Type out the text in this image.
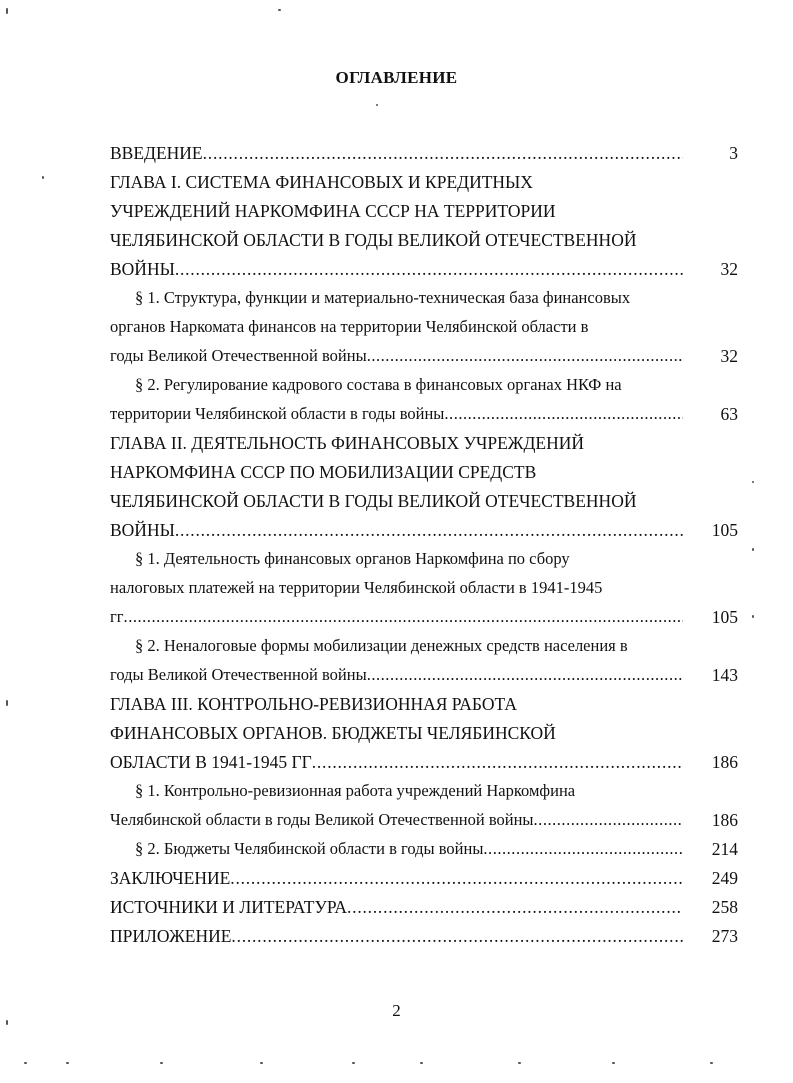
ОГЛАВЛЕНИЕ
3
ВВЕДЕНИЕ
. . .
ГЛАВА I. СИСТЕМА ФИНАНСОВЫХ И КРЕДИТНЫХ
УЧРЕЖДЕНИЙ НАРКОМФИНА СССР НА ТЕРРИТОРИИ
ЧЕЛЯБИНСКОЙ ОБЛАСТИ В ГОДЫ ВЕЛИКОЙ ОТЕЧЕСТВЕННОЙ
32
ВОЙНЫ
. . .
§ 1. Структура, функции и материально-техническая база финансовых
органов Наркомата финансов на территории Челябинской области в
32
годы Великой Отечественной войны
. . .
§ 2. Регулирование кадрового состава в финансовых органах НКФ на
63
территории Челябинской области в годы войны
. . .
ГЛАВА II. ДЕЯТЕЛЬНОСТЬ ФИНАНСОВЫХ УЧРЕЖДЕНИЙ
НАРКОМФИНА СССР ПО МОБИЛИЗАЦИИ СРЕДСТВ
ЧЕЛЯБИНСКОЙ ОБЛАСТИ В ГОДЫ ВЕЛИКОЙ ОТЕЧЕСТВЕННОЙ
105
ВОЙНЫ
. . .
§ 1. Деятельность финансовых органов Наркомфина по сбору
налоговых платежей на территории Челябинской области в 1941-1945
105
гг
. . .
§ 2. Неналоговые формы мобилизации денежных средств населения в
143
годы Великой Отечественной войны
. . .
ГЛАВА III. КОНТРОЛЬНО-РЕВИЗИОННАЯ РАБОТА
ФИНАНСОВЫХ ОРГАНОВ. БЮДЖЕТЫ ЧЕЛЯБИНСКОЙ
186
ОБЛАСТИ В 1941-1945 ГГ
. . .
§ 1. Контрольно-ревизионная работа учреждений Наркомфина
186
Челябинской области в годы Великой Отечественной войны
. . .
214
§ 2. Бюджеты Челябинской области в годы войны
. . .
249
ЗАКЛЮЧЕНИЕ
. . .
258
ИСТОЧНИКИ И ЛИТЕРАТУРА
. . .
273
ПРИЛОЖЕНИЕ
. . .
2
